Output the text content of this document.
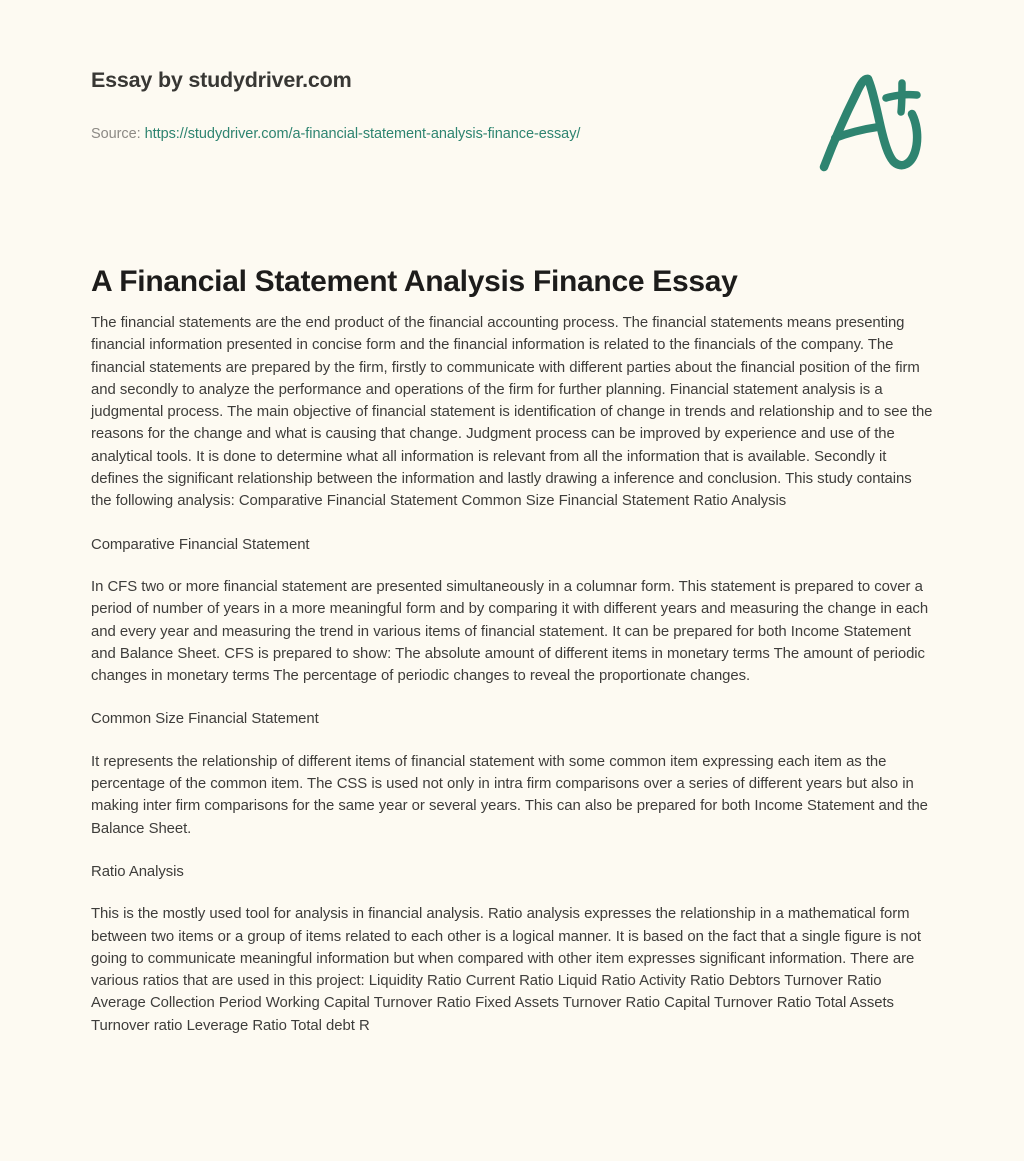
Essay by studydriver.com
Source: https://studydriver.com/a-financial-statement-analysis-finance-essay/
A Financial Statement Analysis Finance Essay

The financial statements are the end product of the financial accounting process. The financial statements means presenting financial information presented in concise form and the financial information is related to the financials of the company. The financial statements are prepared by the firm, firstly to communicate with different parties about the financial position of the firm and secondly to analyze the performance and operations of the firm for further planning. Financial statement analysis is a judgmental process. The main objective of financial statement is identification of change in trends and relationship and to see the reasons for the change and what is causing that change. Judgment process can be improved by experience and use of the analytical tools. It is done to determine what all information is relevant from all the information that is available. Secondly it defines the significant relationship between the information and lastly drawing a inference and conclusion. This study contains the following analysis: Comparative Financial Statement Common Size Financial Statement Ratio Analysis

Comparative Financial Statement

In CFS two or more financial statement are presented simultaneously in a columnar form. This statement is prepared to cover a period of number of years in a more meaningful form and by comparing it with different years and measuring the change in each and every year and measuring the trend in various items of financial statement. It can be prepared for both Income Statement and Balance Sheet. CFS is prepared to show: The absolute amount of different items in monetary terms The amount of periodic changes in monetary terms The percentage of periodic changes to reveal the proportionate changes.

Common Size Financial Statement

It represents the relationship of different items of financial statement with some common item expressing each item as the percentage of the common item. The CSS is used not only in intra firm comparisons over a series of different years but also in making inter firm comparisons for the same year or several years. This can also be prepared for both Income Statement and the Balance Sheet.

Ratio Analysis

This is the mostly used tool for analysis in financial analysis. Ratio analysis expresses the relationship in a mathematical form between two items or a group of items related to each other is a logical manner. It is based on the fact that a single figure is not going to communicate meaningful information but when compared with other item expresses significant information. There are various ratios that are used in this project: Liquidity Ratio Current Ratio Liquid Ratio Activity Ratio Debtors Turnover Ratio Average Collection Period Working Capital Turnover Ratio Fixed Assets Turnover Ratio Capital Turnover Ratio Total Assets Turnover ratio Leverage Ratio Total debt R
